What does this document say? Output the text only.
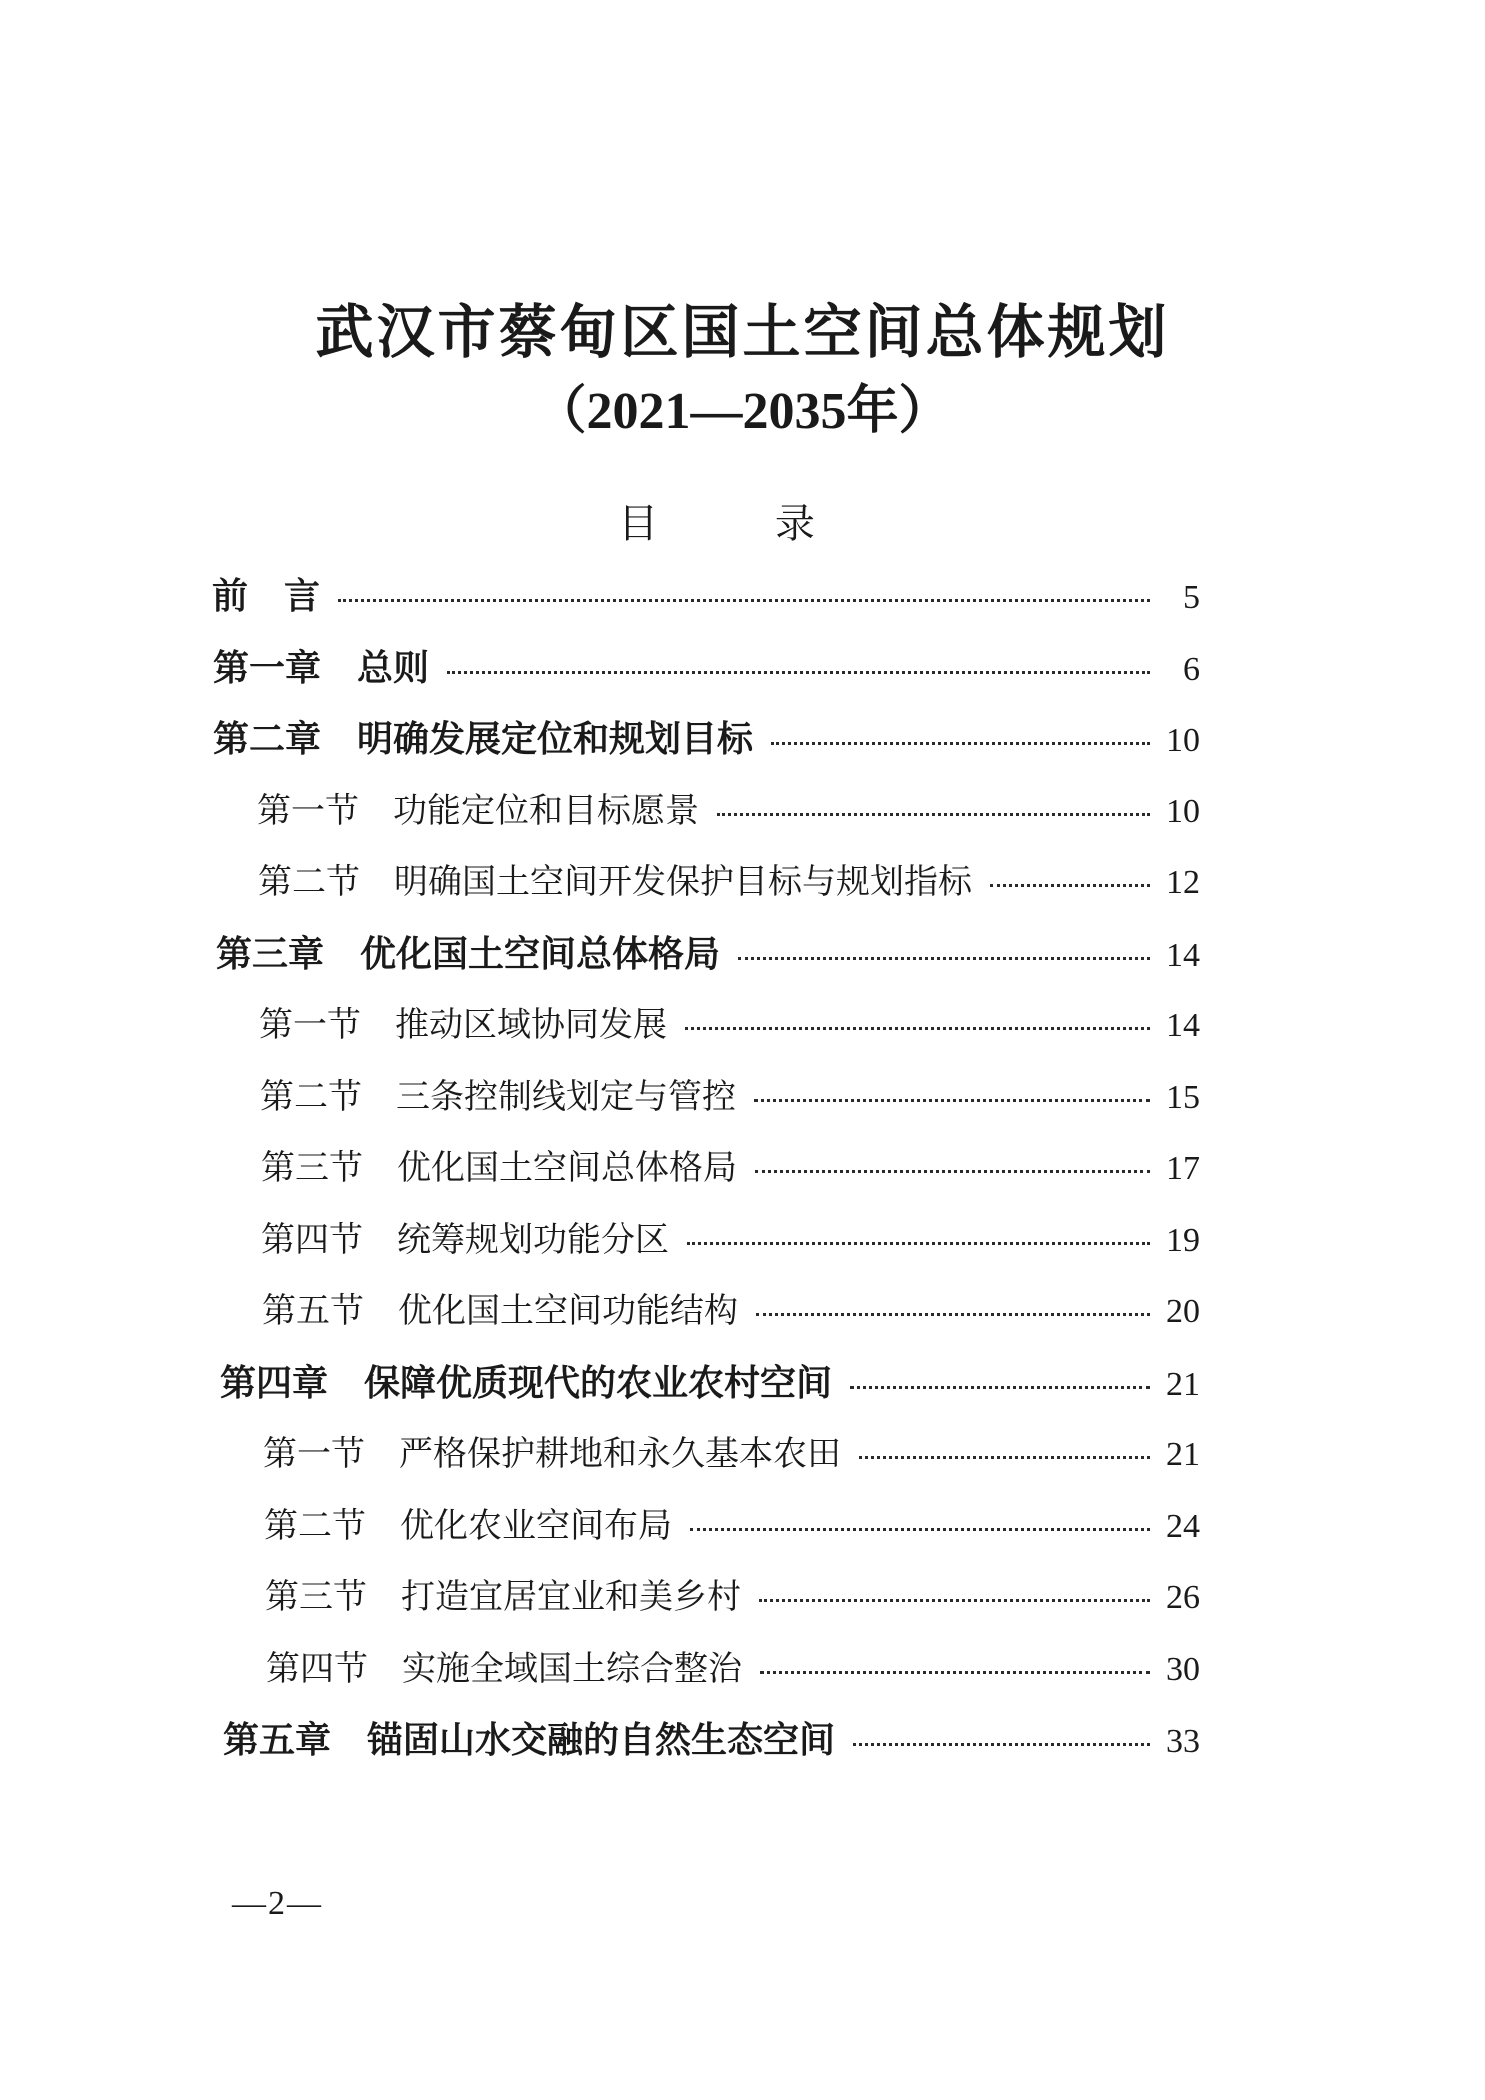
武汉市蔡甸区国土空间总体规划
（2021—2035年）
目 录
前　言	5
第一章　总则	6
第二章　明确发展定位和规划目标	10
第一节　功能定位和目标愿景	10
第二节　明确国土空间开发保护目标与规划指标	12
第三章　优化国土空间总体格局	14
第一节　推动区域协同发展	14
第二节　三条控制线划定与管控	15
第三节　优化国土空间总体格局	17
第四节　统筹规划功能分区	19
第五节　优化国土空间功能结构	20
第四章　保障优质现代的农业农村空间	21
第一节　严格保护耕地和永久基本农田	21
第二节　优化农业空间布局	24
第三节　打造宜居宜业和美乡村	26
第四节　实施全域国土综合整治	30
第五章　锚固山水交融的自然生态空间	33
—2—
